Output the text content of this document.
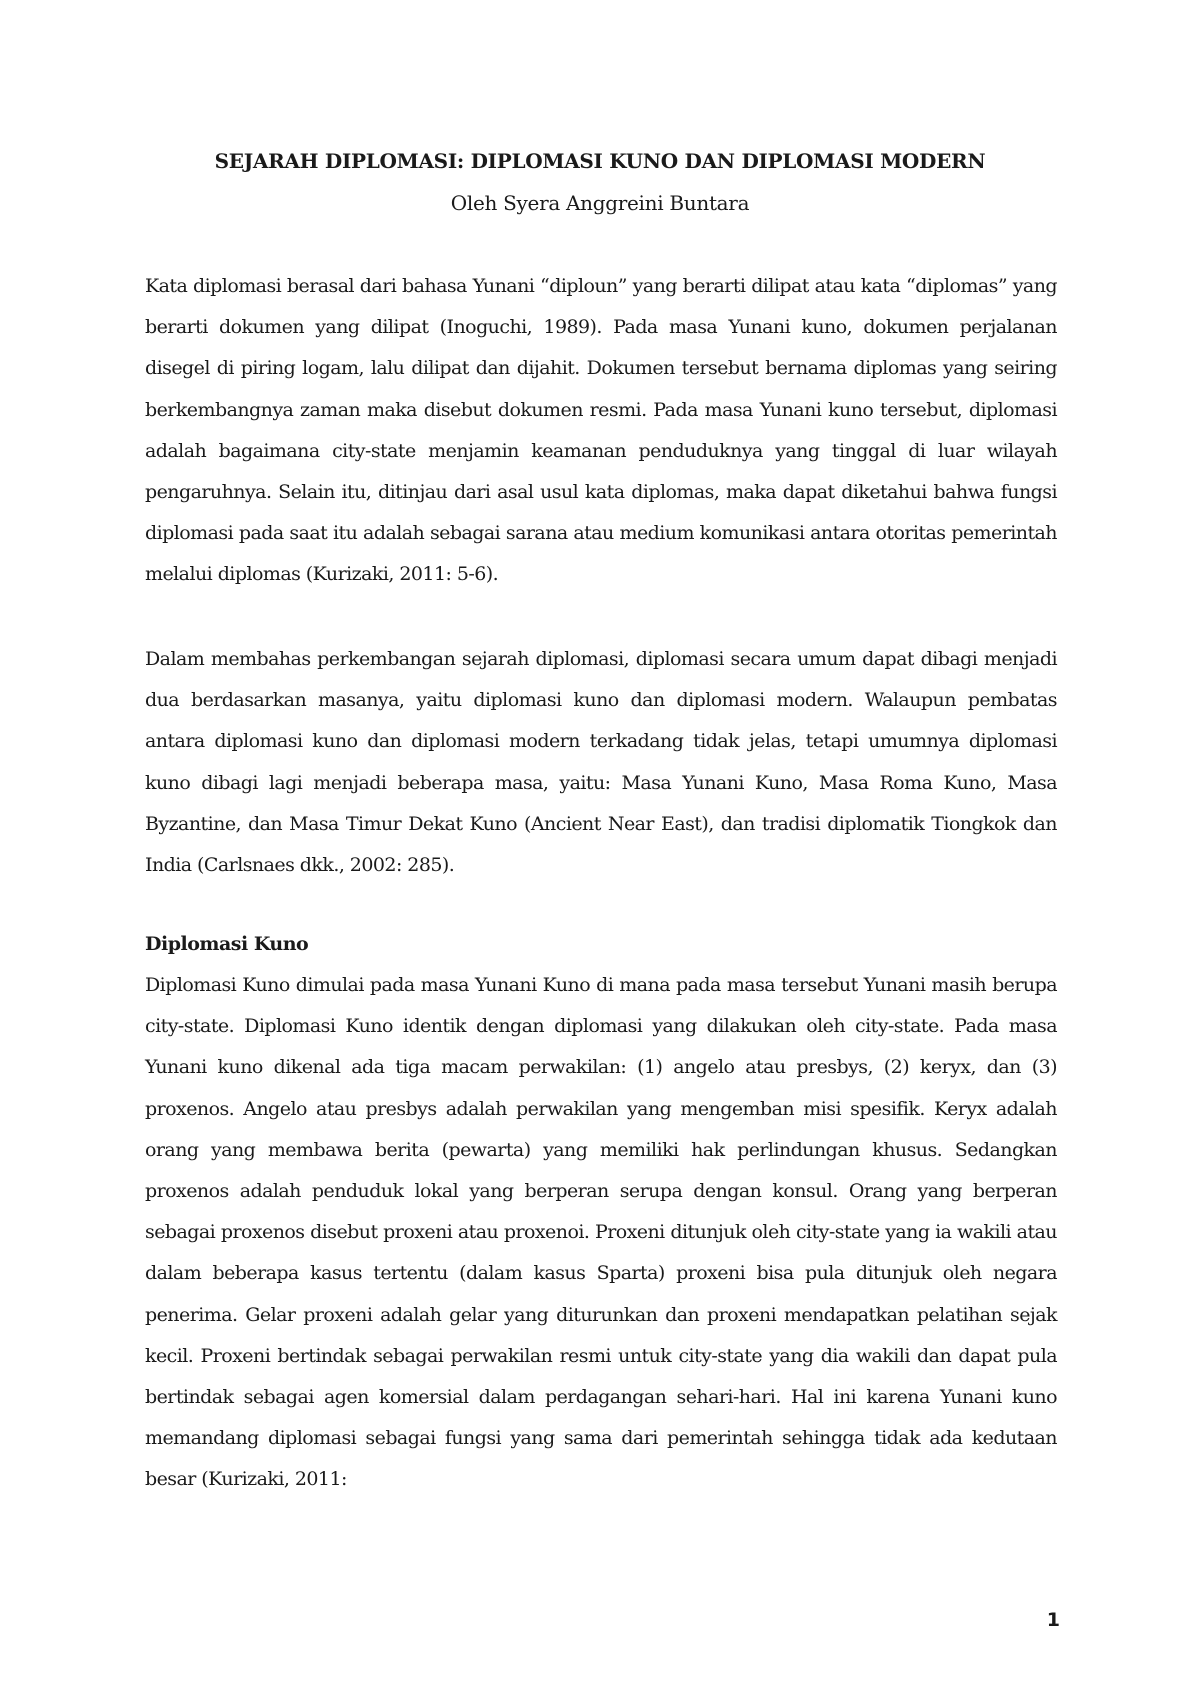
SEJARAH DIPLOMASI: DIPLOMASI KUNO DAN DIPLOMASI MODERN
Oleh Syera Anggreini Buntara

Kata diplomasi berasal dari bahasa Yunani “diploun” yang berarti dilipat atau kata “diplomas” yang berarti dokumen yang dilipat (Inoguchi, 1989). Pada masa Yunani kuno, dokumen perjalanan disegel di piring logam, lalu dilipat dan dijahit. Dokumen tersebut bernama diplomas yang seiring berkembangnya zaman maka disebut dokumen resmi. Pada masa Yunani kuno tersebut, diplomasi adalah bagaimana city-state menjamin keamanan penduduknya yang tinggal di luar wilayah pengaruhnya. Selain itu, ditinjau dari asal usul kata diplomas, maka dapat diketahui bahwa fungsi diplomasi pada saat itu adalah sebagai sarana atau medium komunikasi antara otoritas pemerintah melalui diplomas (Kurizaki, 2011: 5-6).

Dalam membahas perkembangan sejarah diplomasi, diplomasi secara umum dapat dibagi menjadi dua berdasarkan masanya, yaitu diplomasi kuno dan diplomasi modern. Walaupun pembatas antara diplomasi kuno dan diplomasi modern terkadang tidak jelas, tetapi umumnya diplomasi kuno dibagi lagi menjadi beberapa masa, yaitu: Masa Yunani Kuno, Masa Roma Kuno, Masa Byzantine, dan Masa Timur Dekat Kuno (Ancient Near East), dan tradisi diplomatik Tiongkok dan India (Carlsnaes dkk., 2002: 285).

Diplomasi Kuno

Diplomasi Kuno dimulai pada masa Yunani Kuno di mana pada masa tersebut Yunani masih berupa city-state. Diplomasi Kuno identik dengan diplomasi yang dilakukan oleh city-state. Pada masa Yunani kuno dikenal ada tiga macam perwakilan: (1) angelo atau presbys, (2) keryx, dan (3) proxenos. Angelo atau presbys adalah perwakilan yang mengemban misi spesifik. Keryx adalah orang yang membawa berita (pewarta) yang memiliki hak perlindungan khusus. Sedangkan proxenos adalah penduduk lokal yang berperan serupa dengan konsul. Orang yang berperan sebagai proxenos disebut proxeni atau proxenoi. Proxeni ditunjuk oleh city-state yang ia wakili atau dalam beberapa kasus tertentu (dalam kasus Sparta) proxeni bisa pula ditunjuk oleh negara penerima. Gelar proxeni adalah gelar yang diturunkan dan proxeni mendapatkan pelatihan sejak kecil. Proxeni bertindak sebagai perwakilan resmi untuk city-state yang dia wakili dan dapat pula bertindak sebagai agen komersial dalam perdagangan sehari-hari. Hal ini karena Yunani kuno memandang diplomasi sebagai fungsi yang sama dari pemerintah sehingga tidak ada kedutaan besar (Kurizaki, 2011:

1
